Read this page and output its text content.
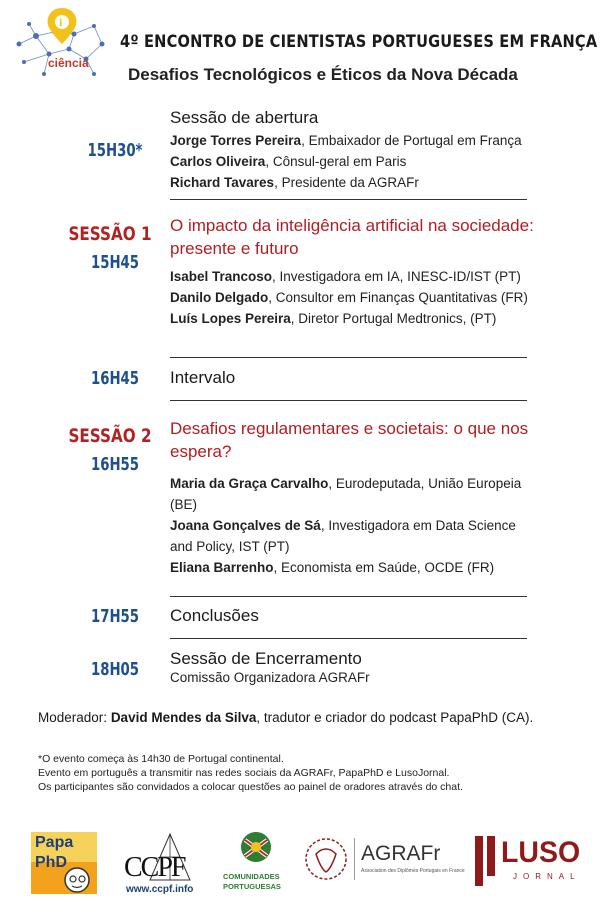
i
ciência
4º ENCONTRO DE CIENTISTAS PORTUGUESES EM FRANÇA
Desafios Tecnológicos e Éticos da Nova Década
15H30*
Sessão de abertura
Jorge Torres Pereira, Embaixador de Portugal em França
Carlos Oliveira, Cônsul-geral em Paris
Richard Tavares, Presidente da AGRAFr
SESSÃO 1
15H45
O impacto da inteligência artificial na sociedade: presente e futuro
Isabel Trancoso, Investigadora em IA, INESC-ID/IST (PT)
Danilo Delgado, Consultor em Finanças Quantitativas (FR)
Luís Lopes Pereira, Diretor Portugal Medtronics, (PT)
16H45	Intervalo
SESSÃO 2
16H55
Desafios regulamentares e societais: o que nos espera?
Maria da Graça Carvalho, Eurodeputada, União Europeia (BE)
Joana Gonçalves de Sá, Investigadora em Data Science and Policy, IST (PT)
Eliana Barrenho, Economista em Saúde, OCDE (FR)
17H55	Conclusões
18H05
Sessão de Encerramento
Comissão Organizadora AGRAFr
Moderador: David Mendes da Silva, tradutor e criador do podcast PapaPhD (CA).
*O evento começa às 14h30 de Portugal continental.
Evento em português a transmitir nas redes sociais da AGRAFr, PapaPhD e LusoJornal.
Os participantes são convidados a colocar questões ao painel de oradores através do chat.
Papa
PhD CCPF
www.ccpf.info
COMUNIDADES
PORTUGUESAS
AGRAFr
Association des Diplômés Portugais en France
LUSO
JORNAL
